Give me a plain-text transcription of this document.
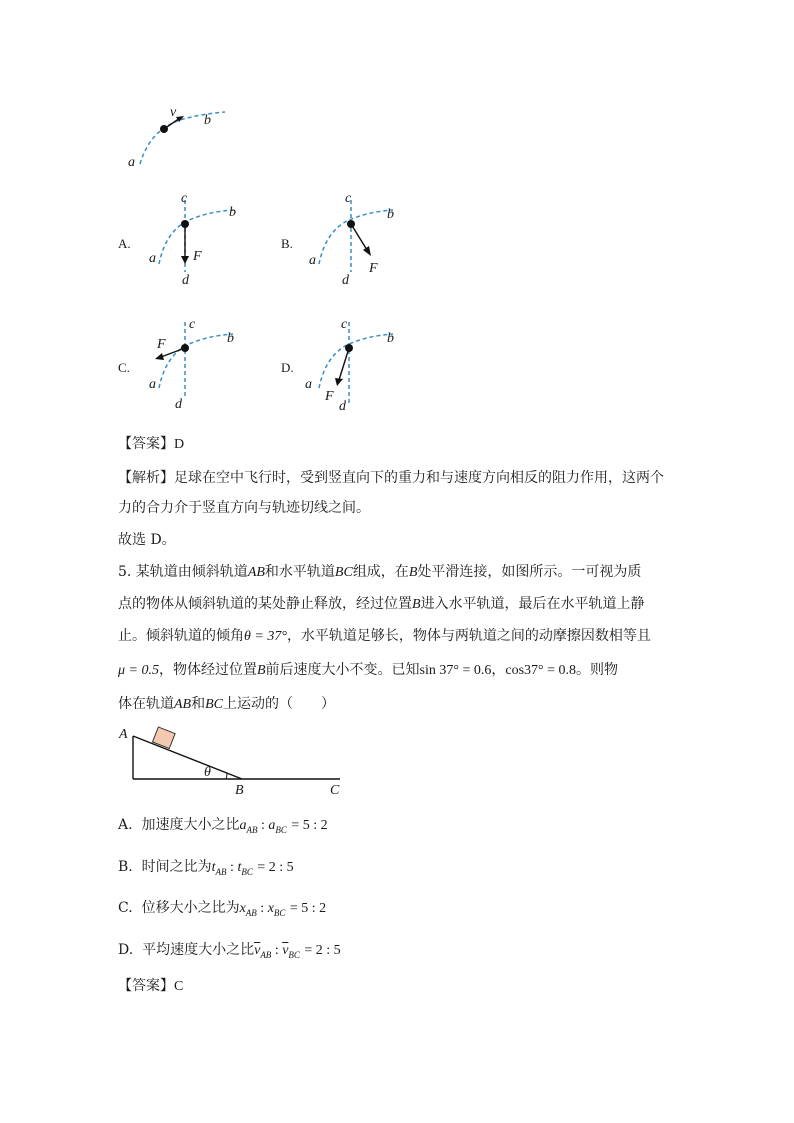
v
b
a
A.
c
b
a	F
d
B.
c
b
a
F
d
C.
c
b
a
F
d
D.
c
b
a
F
d
【答案】D
【解析】足球在空中飞行时，受到竖直向下的重力和与速度方向相反的阻力作用，这两个
力的合力介于竖直方向与轨迹切线之间。
故选 D。
5. 某轨道由倾斜轨道AB和水平轨道BC组成，在B处平滑连接，如图所示。一可视为质
点的物体从倾斜轨道的某处静止释放，经过位置B进入水平轨道，最后在水平轨道上静
止。倾斜轨道的倾角θ = 37°，水平轨道足够长，物体与两轨道之间的动摩擦因数相等且
μ = 0.5，物体经过位置B前后速度大小不变。已知sin 37° = 0.6，cos37° = 0.8。则物
体在轨道AB和BC上运动的（　　）
A
B	C
θ
A. 加速度大小之比$a_{AB}$ : $a_{BC} = 5$ : 2
B. 时间之比为$t_{AB}$ : $t_{BC} = 2$ : 5
C. 位移大小之比为$x_{AB}$ : $x_{BC} = 5$ : 2
D. 平均速度大小之比$\overline{v}_{AB}$ : $\overline{v}_{BC} = 2$ : 5
【答案】C
